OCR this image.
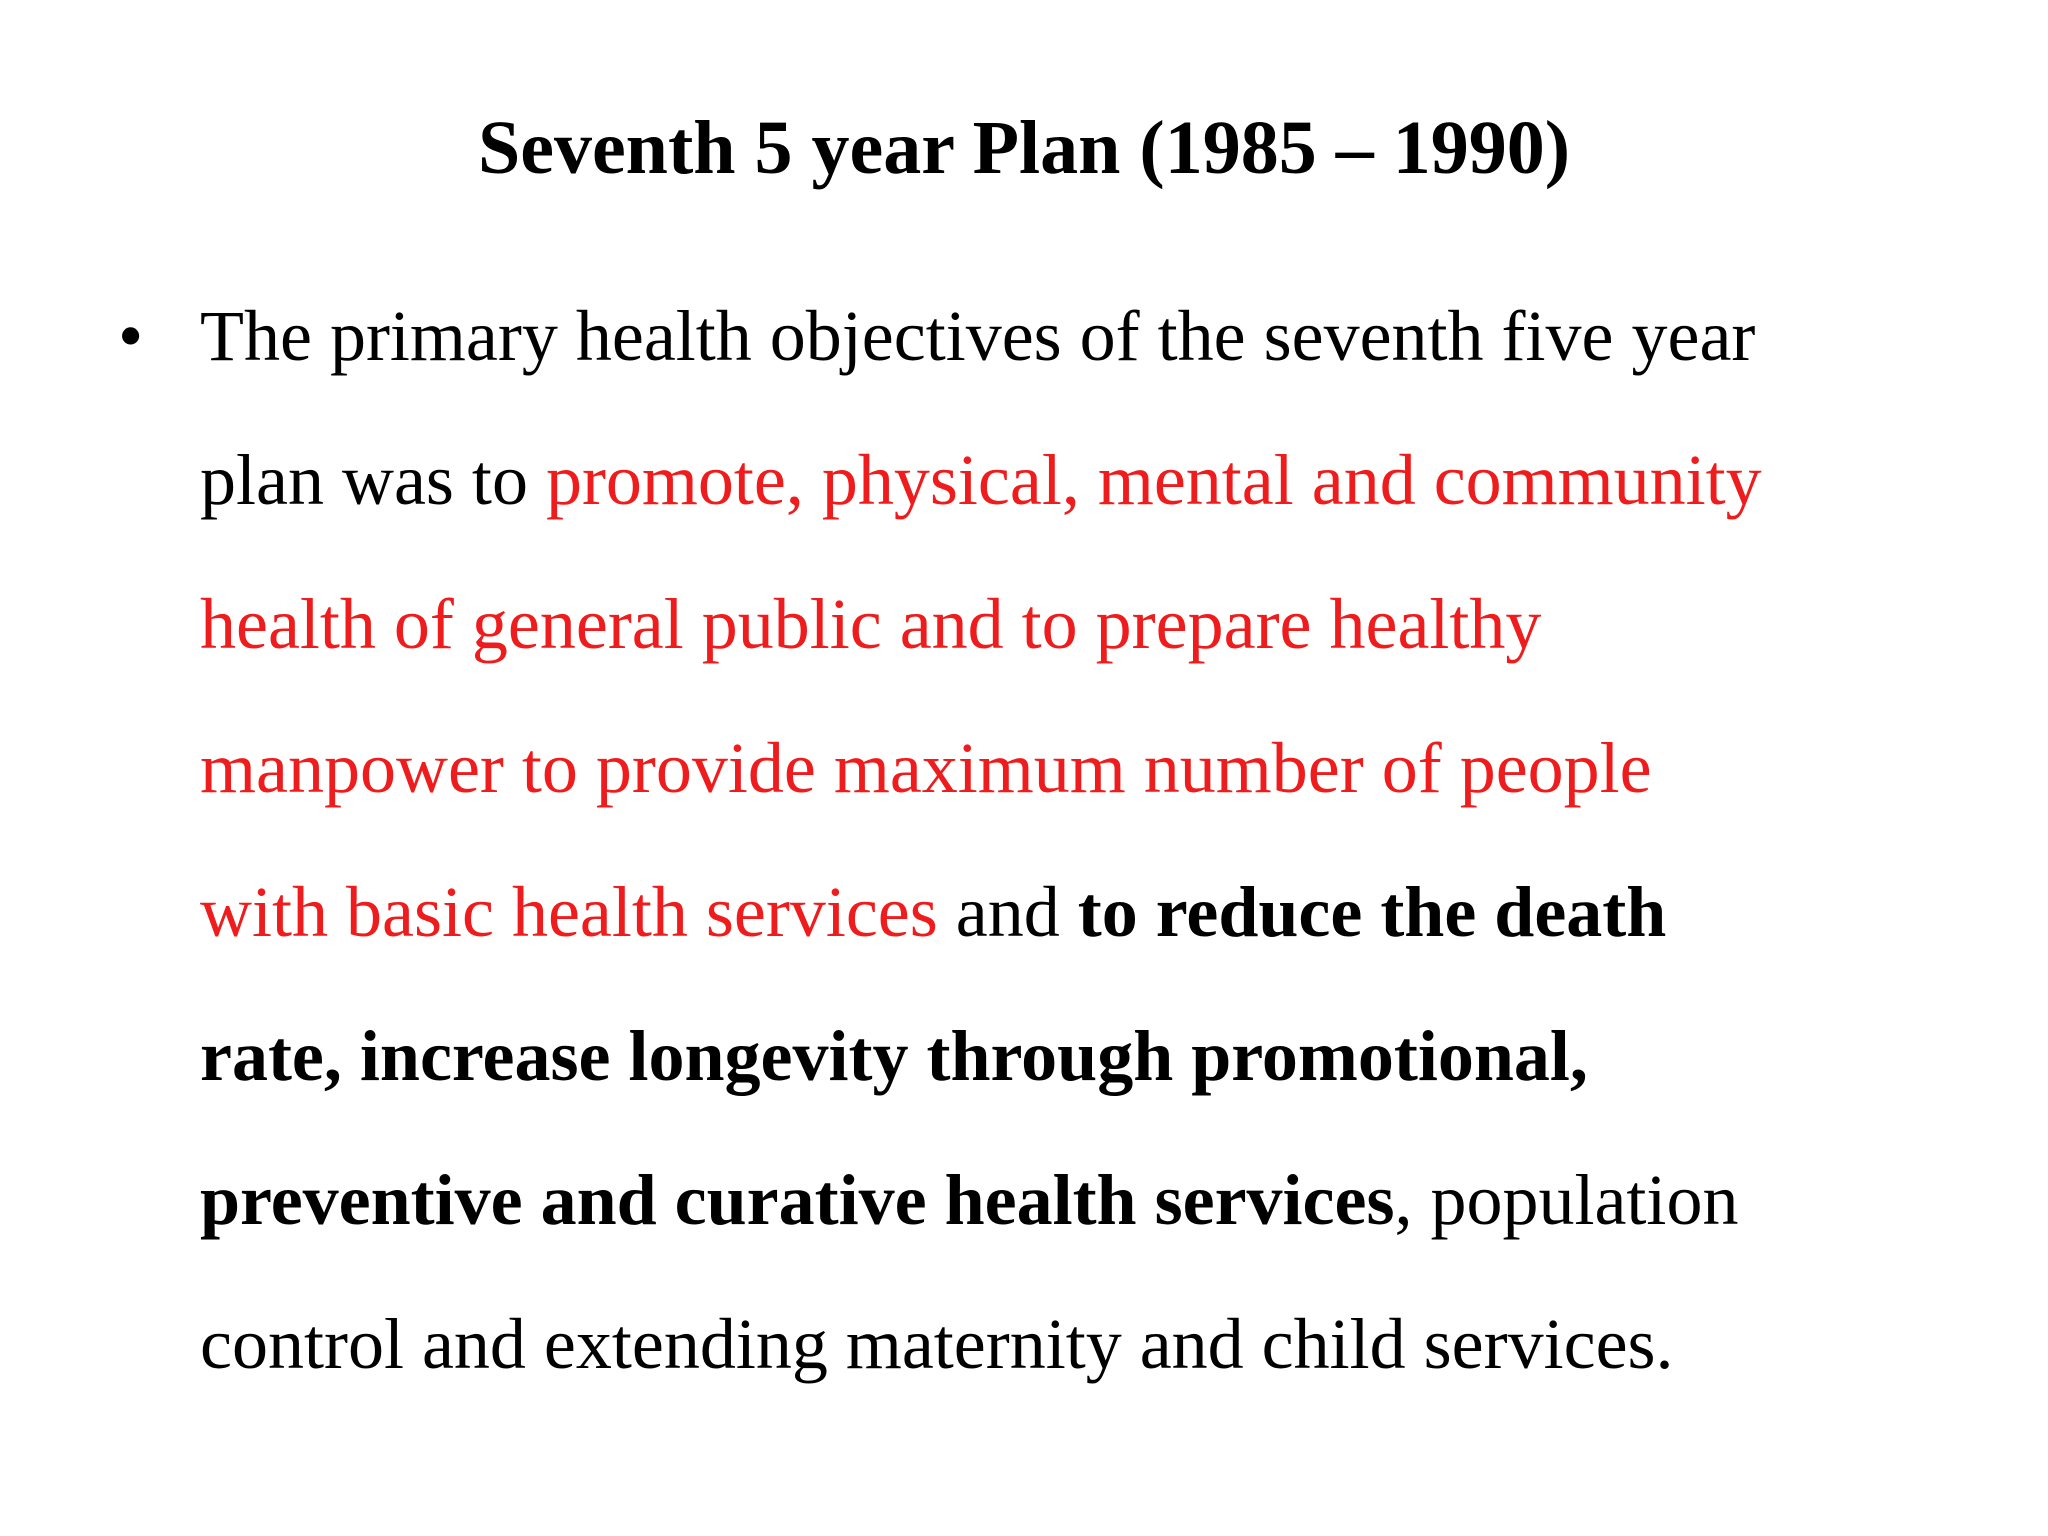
Seventh 5 year Plan (1985 – 1990)
• The primary health objectives of the seventh five year
plan was to promote, physical, mental and community
health of general public and to prepare healthy
manpower to provide maximum number of people
with basic health services and to reduce the death
rate, increase longevity through promotional,
preventive and curative health services, population
control and extending maternity and child services.
